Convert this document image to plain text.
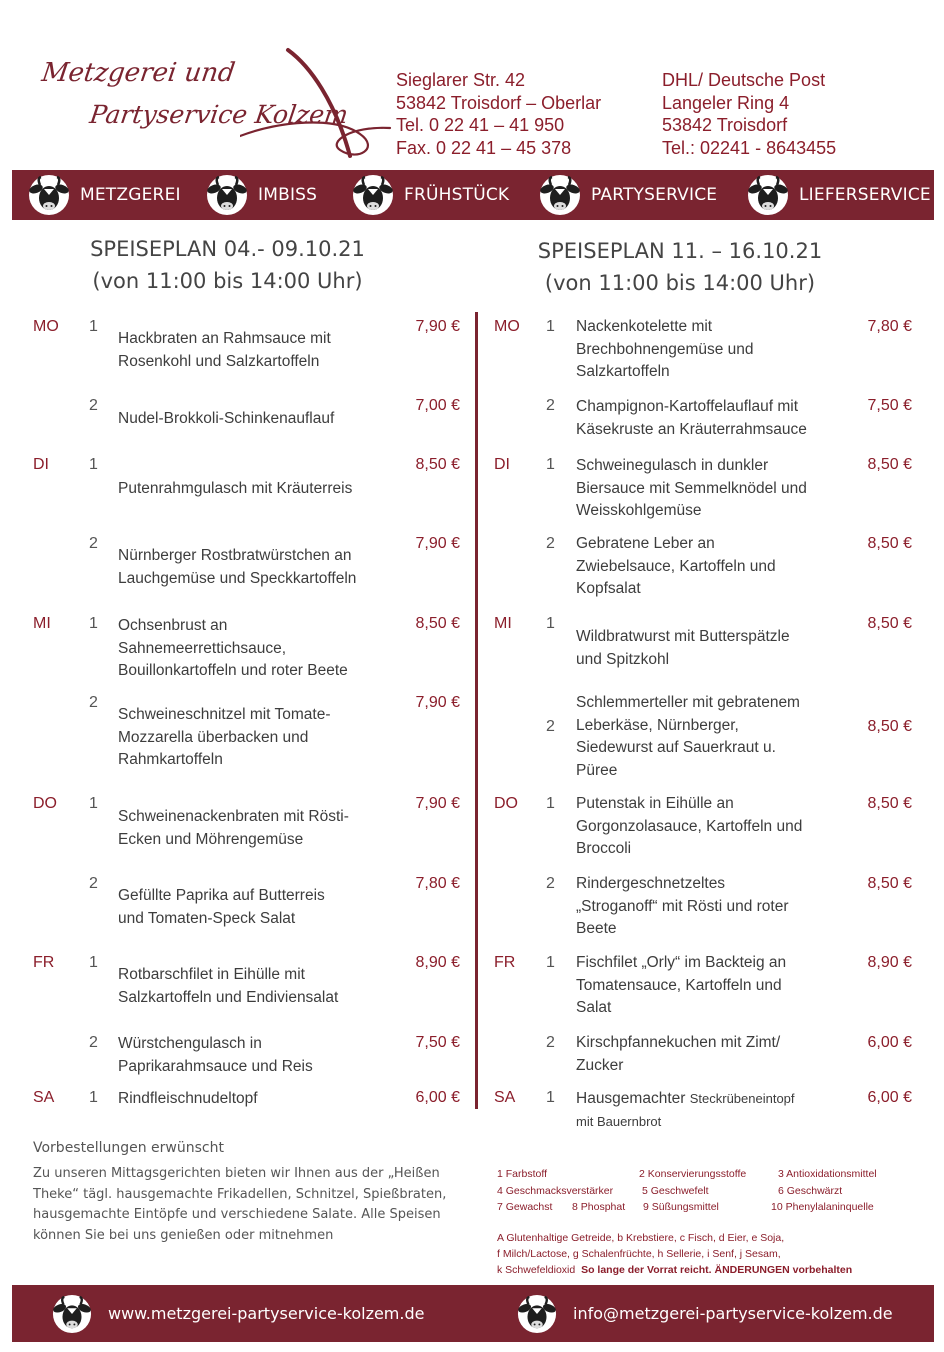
Metzgerei und
Partyservice Kolzem
Sieglarer Str. 42
53842 Troisdorf – Oberlar
Tel. 0 22 41 – 41 950
Fax. 0 22 41 – 45 378
DHL/ Deutsche Post
Langeler Ring 4
53842 Troisdorf
Tel.: 02241 - 8643455
METZGEREI	IMBISS	FRÜHSTÜCK	PARTYSERVICE	LIEFERSERVICE
SPEISEPLAN 04.- 09.10.21
(von 11:00 bis 14:00 Uhr)
SPEISEPLAN 11. – 16.10.21
(von 11:00 bis 14:00 Uhr)
MO 1
Hackbraten an Rahmsauce mit
Rosenkohl und Salzkartoffeln
7,90 €
2
Nudel-Brokkoli-Schinkenauflauf
7,00 €
DI	1
Putenrahmgulasch mit Kräuterreis
8,50 €
2
Nürnberger Rostbratwürstchen an
Lauchgemüse und Speckkartoffeln
7,90 €
MI 1 Ochsenbrust an
Sahnemeerrettichsauce,
Bouillonkartoffeln und roter Beete
8,50 €
2
Schweineschnitzel mit Tomate-
Mozzarella überbacken und
Rahmkartoffeln
7,90 €
DO 1
Schweinenackenbraten mit Rösti-
Ecken und Möhrengemüse
7,90 €
2
Gefüllte Paprika auf Butterreis
und Tomaten-Speck Salat
7,80 €
FR 1
Rotbarschfilet in Eihülle mit
Salzkartoffeln und Endiviensalat
8,90 €
2 Würstchengulasch in
Paprikarahmsauce und Reis
7,50 €
SA 1 Rindfleischnudeltopf	6,00 €
MO 1 Nackenkotelette mit
Brechbohnengemüse und
Salzkartoffeln
7,80 €
2 Champignon-Kartoffelauflauf mit
Käsekruste an Kräuterrahmsauce
7,50 €
DI 1 Schweinegulasch in dunkler
Biersauce mit Semmelknödel und
Weisskohlgemüse
8,50 €
2 Gebratene Leber an
Zwiebelsauce, Kartoffeln und
Kopfsalat
8,50 €
MI 1
Wildbratwurst mit Butterspätzle
und Spitzkohl
8,50 €
2
Schlemmerteller mit gebratenem
Leberkäse, Nürnberger,
Siedewurst auf Sauerkraut u.
Püree
8,50 €
DO 1 Putenstak in Eihülle an
Gorgonzolasauce, Kartoffeln und
Broccoli
8,50 €
2 Rindergeschnetzeltes
„Stroganoff“ mit Rösti und roter
Beete
8,50 €
FR 1 Fischfilet „Orly“ im Backteig an
Tomatensauce, Kartoffeln und
Salat
8,90 €
2 Kirschpfannekuchen mit Zimt/
Zucker
6,00 €
SA 1 Hausgemachter Steckrübeneintopf
mit Bauernbrot
6,00 €
Vorbestellungen erwünscht
Zu unseren Mittagsgerichten bieten wir Ihnen aus der „Heißen Theke“ tägl. hausgemachte Frikadellen, Schnitzel, Spießbraten, hausgemachte Eintöpfe und verschiedene Salate. Alle Speisen können Sie bei uns genießen oder mitnehmen
1 Farbstoff	2 Konservierungsstoffe	3 Antioxidationsmittel
4 Geschmacksverstärker	5 Geschwefelt	6 Geschwärzt
7 Gewachst 8 Phosphat 9 Süßungsmittel	10 Phenylalaninquelle
A Glutenhaltige Getreide, b Krebstiere, c Fisch, d Eier, e Soja,
f Milch/Lactose, g Schalenfrüchte, h Sellerie, i Senf, j Sesam,
k Schwefeldioxid So lange der Vorrat reicht. ÄNDERUNGEN vorbehalten
www.metzgerei-partyservice-kolzem.de	info@metzgerei-partyservice-kolzem.de
